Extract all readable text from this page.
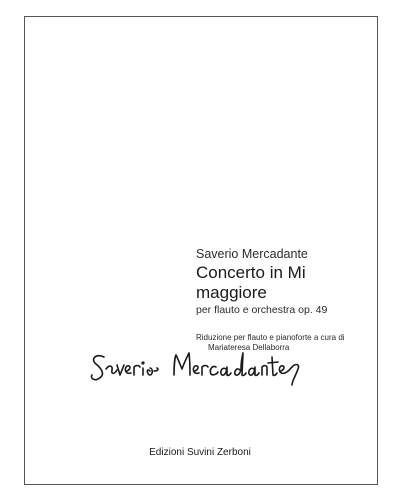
Saverio Mercadante
Concerto in Mi maggiore
per flauto e orchestra op. 49
Riduzione per flauto e pianoforte a cura di
Mariateresa Dellaborra
Edizioni Suvini Zerboni
